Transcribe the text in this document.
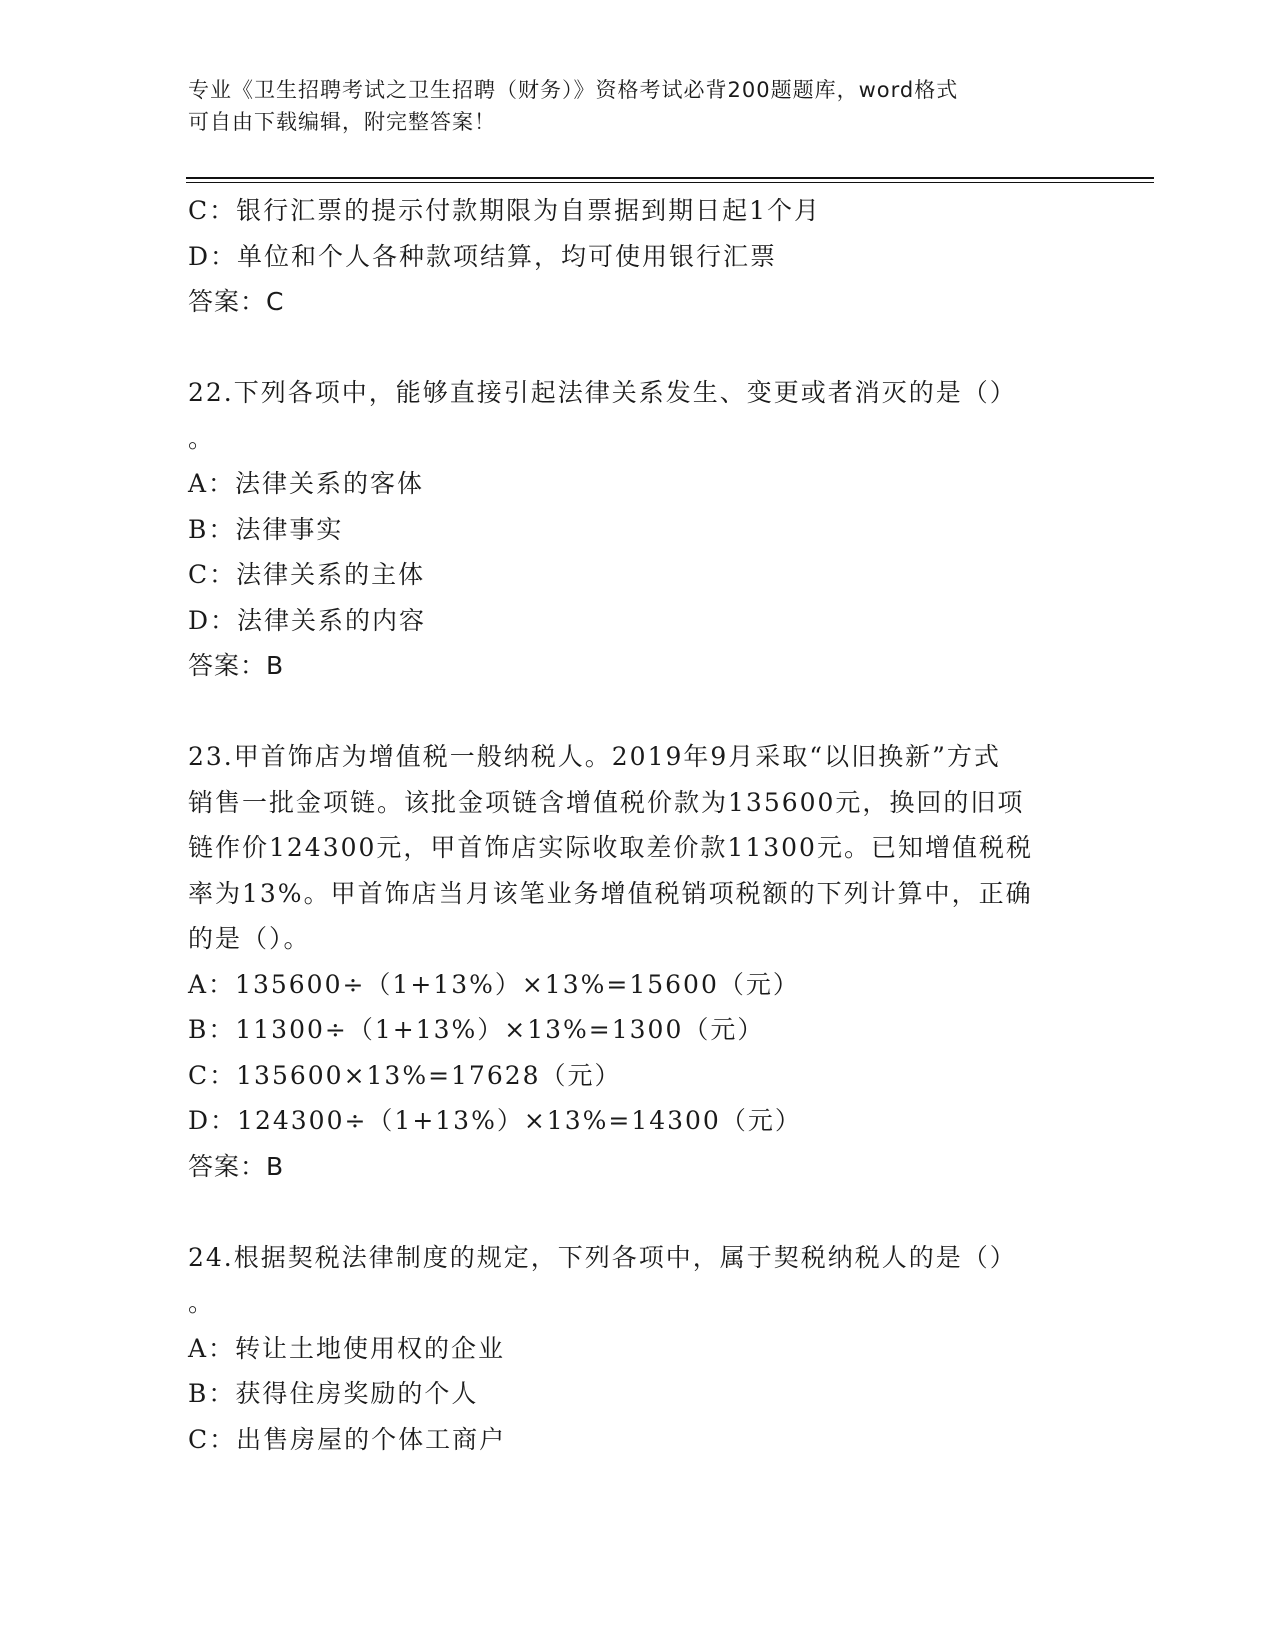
专业《卫生招聘考试之卫生招聘（财务）》资格考试必背200题题库，word格式
可自由下载编辑，附完整答案！
C：银行汇票的提示付款期限为自票据到期日起1个月
D：单位和个人各种款项结算，均可使用银行汇票
答案：C
22.下列各项中，能够直接引起法律关系发生、变更或者消灭的是（）
。
A：法律关系的客体
B：法律事实
C：法律关系的主体
D：法律关系的内容
答案：B
23.甲首饰店为增值税一般纳税人。2019年9月采取“以旧换新”方式
销售一批金项链。该批金项链含增值税价款为135600元，换回的旧项
链作价124300元，甲首饰店实际收取差价款11300元。已知增值税税
率为13%。甲首饰店当月该笔业务增值税销项税额的下列计算中，正确
的是（）。
A：135600÷（1+13%）×13%=15600（元）
B：11300÷（1+13%）×13%=1300（元）
C：135600×13%=17628（元）
D：124300÷（1+13%）×13%=14300（元）
答案：B
24.根据契税法律制度的规定，下列各项中，属于契税纳税人的是（）
。
A：转让土地使用权的企业
B：获得住房奖励的个人
C：出售房屋的个体工商户
